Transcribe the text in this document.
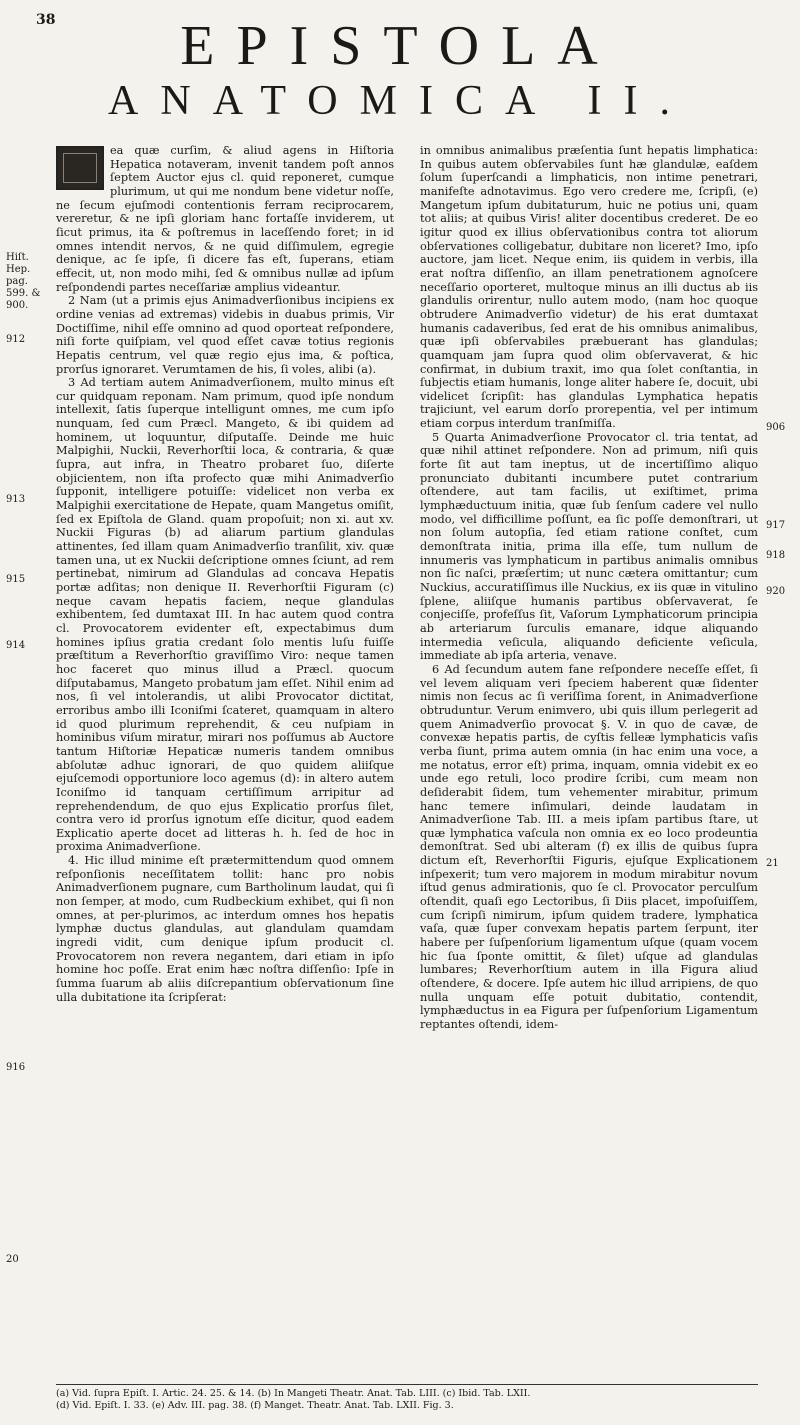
38	EPISTOLA
ANATOMICA II.

ea quæ curſim, & aliud agens in Hiſtoria Hepatica notaveram, invenit tandem poſt annos ſeptem Auctor ejus cl. quid reponeret, cumque plurimum, ut qui me nondum bene videtur noſſe, ne ſecum ejuſmodi contentionis ferram reciprocarem, vereretur, & ne ipſi gloriam hanc fortaſſe inviderem, ut ſicut primus, ita & poſtremus in laceſſendo foret; in id omnes intendit nervos, & ne quid diſſimulem, egregie denique, ac ſe ipſe, ſi dicere fas eſt, ſuperans, etiam effecit, ut, non modo mihi, ſed & omnibus nullæ ad ipſum reſpondendi partes neceſſariæ amplius videantur.

2 Nam (ut a primis ejus Animadverſionibus incipiens ex ordine venias ad extremas) videbis in duabus primis, Vir Doctiſſime, nihil eſſe omnino ad quod oporteat reſpondere, niſi forte quiſpiam, vel quod eſſet cavæ totius regionis Hepatis centrum, vel quæ regio ejus ima, & poſtica, prorſus ignoraret. Verumtamen de his, ſi voles, alibi (a).

3 Ad tertiam autem Animadverſionem, multo minus eſt cur quidquam reponam. Nam primum, quod ipſe nondum intellexit, ſatis ſuperque intelligunt omnes, me cum ipſo nunquam, ſed cum Præcl. Mangeto, & ibi quidem ad hominem, ut loquuntur, diſputaſſe. Deinde me huic Malpighii, Nuckii, Reverhorſtii loca, & contraria, & quæ ſupra, aut infra, in Theatro probaret ſuo, diſerte objicientem, non iſta profecto quæ mihi Animadverſio ſupponit, intelligere potuiſſe: videlicet non verba ex Malpighii exercitatione de Hepate, quam Mangetus omiſit, ſed ex Epiſtola de Gland. quam propoſuit; non xi. aut xv. Nuckii Figuras (b) ad aliarum partium glandulas attinentes, ſed illam quam Animadverſio tranſilit, xiv. quæ tamen una, ut ex Nuckii deſcriptione omnes ſciunt, ad rem pertinebat, nimirum ad Glandulas ad concava Hepatis portæ adſitas; non denique II. Reverhorſtii Figuram (c) neque cavam hepatis faciem, neque glandulas exhibentem, ſed dumtaxat III. In hac autem quod contra cl. Provocatorem evidenter eſt, expectabimus dum homines ipſius gratia credant ſolo mentis luſu fuiſſe præſtitum a Reverhorſtio graviſſimo Viro: neque tamen hoc faceret quo minus illud a Præcl. quocum diſputabamus, Mangeto probatum jam eſſet. Nihil enim ad nos, ſi vel intolerandis, ut alibi Provocator dictitat, erroribus ambo illi Iconiſmi ſcateret, quamquam in altero id quod plurimum reprehendit, & ceu nuſpiam in hominibus viſum miratur, mirari nos poſſumus ab Auctore tantum Hiſtoriæ Hepaticæ numeris tandem omnibus abſolutæ adhuc ignorari, de quo quidem aliiſque ejuſcemodi opportuniore loco agemus (d): in altero autem Iconiſmo id tanquam certiſſimum arripitur ad reprehendendum, de quo ejus Explicatio prorſus ſilet, contra vero id prorſus ignotum eſſe dicitur, quod eadem Explicatio aperte docet ad litteras h. h. ſed de hoc in proxima Animadverſione.

4. Hic illud minime eſt prætermittendum quod omnem reſponſionis neceſſitatem tollit: hanc pro nobis Animadverſionem pugnare, cum Bartholinum laudat, qui ſi non ſemper, at modo, cum Rudbeckium exhibet, qui ſi non omnes, at per-plurimos, ac interdum omnes hos hepatis lymphæ ductus glandulas, aut glandulam quamdam ingredi vidit, cum denique ipſum producit cl. Provocatorem non revera negantem, dari etiam in ipſo homine hoc poſſe. Erat enim hæc noſtra diſſenſio: Ipſe in ſumma ſuarum ab aliis diſcrepantium obſervationum ſine ulla dubitatione ita ſcripſerat:

in omnibus animalibus præſentia ſunt hepatis limphatica: In quibus autem obſervabiles ſunt hæ glandulæ, eaſdem ſolum ſuperſcandi a limphaticis, non intime penetrari, manifeſte adnotavimus. Ego vero credere me, ſcripſi, (e) Mangetum ipſum dubitaturum, huic ne potius uni, quam tot aliis; at quibus Viris! aliter docentibus crederet. De eo igitur quod ex illius obſervationibus contra tot aliorum obſervationes colligebatur, dubitare non liceret? Imo, ipſo auctore, jam licet. Neque enim, iis quidem in verbis, illa erat noſtra diſſenſio, an illam penetrationem agnoſcere neceſſario oporteret, multoque minus an illi ductus ab iis glandulis orirentur, nullo autem modo, (nam hoc quoque obtrudere Animadverſio videtur) de his erat dumtaxat humanis cadaveribus, ſed erat de his omnibus animalibus, quæ ipſi obſervabiles præbuerant has glandulas; quamquam jam ſupra quod olim obſervaverat, & hic confirmat, in dubium traxit, imo qua ſolet conſtantia, in ſubjectis etiam humanis, longe aliter habere ſe, docuit, ubi videlicet ſcripſit: has glandulas Lymphatica hepatis trajiciunt, vel earum dorſo prorepentia, vel per intimum etiam corpus interdum tranſmiſſa.

5 Quarta Animadverſione Provocator cl. tria tentat, ad quæ nihil attinet reſpondere. Non ad primum, niſi quis forte ſit aut tam ineptus, ut de incertiſſimo aliquo pronunciato dubitanti incumbere putet contrarium oſtendere, aut tam facilis, ut exiſtimet, prima lymphæductuum initia, quæ ſub ſenſum cadere vel nullo modo, vel difficillime poſſunt, ea ſic poſſe demonſtrari, ut non ſolum autopſia, ſed etiam ratione conſtet, cum demonſtrata initia, prima illa eſſe, tum nullum de innumeris vas lymphaticum in partibus animalis omnibus non ſic naſci, præſertim; ut nunc cætera omittantur; cum Nuckius, accuratiſſimus ille Nuckius, ex iis quæ in vitulino ſplene, aliiſque humanis partibus obſervaverat, ſe conjeciſſe, profeſſus ſit, Vaſorum Lymphaticorum principia ab arteriarum ſurculis emanare, idque aliquando intermedia veſicula, aliquando deficiente veſicula, immediate ab ipſa arteria, venave.

6 Ad ſecundum autem fane reſpondere neceſſe eſſet, ſi vel levem aliquam veri ſpeciem haberent quæ ſidenter nimis non ſecus ac ſi veriſſima ſorent, in Animadverſione obtruduntur. Verum enimvero, ubi quis illum perlegerit ad quem Animadverſio provocat §. V. in quo de cavæ, de convexæ hepatis partis, de cyſtis felleæ lymphaticis vaſis verba ſiunt, prima autem omnia (in hac enim una voce, a me notatus, error eſt) prima, inquam, omnia videbit ex eo unde ego retuli, loco prodire ſcribi, cum meam non deſiderabit ſidem, tum vehementer mirabitur, primum hanc temere inſimulari, deinde laudatam in Animadverſione Tab. III. a meis ipſam partibus ſtare, ut quæ lymphatica vaſcula non omnia ex eo loco prodeuntia demonſtrat. Sed ubi alteram (f) ex illis de quibus ſupra dictum eſt, Reverhorſtii Figuris, ejuſque Explicationem inſpexerit; tum vero majorem in modum mirabitur novum iſtud genus admirationis, quo ſe cl. Provocator perculſum oſtendit, quaſi ego Lectoribus, ſi Diis placet, impoſuiſſem, cum ſcripſi nimirum, ipſum quidem tradere, lymphatica vaſa, quæ ſuper convexam hepatis partem ſerpunt, iter habere per ſuſpenſorium ligamentum uſque (quam vocem hic ſua ſponte omittit, & ſilet) uſque ad glandulas lumbares; Reverhorſtium autem in illa Figura aliud oſtendere, & docere. Ipſe autem hic illud arripiens, de quo nulla unquam eſſe potuit dubitatio, contendit, lymphæductus in ea Figura per ſuſpenſorium Ligamentum reptantes oſtendi, idem-

Hiſt. Hep. pag. 599. & 900.
912
913
915
914
916
20
906
917
918
920
21
(a) Vid. ſupra Epiſt. I. Artic. 24. 25. & 14. (b) In Mangeti Theatr. Anat. Tab. LIII. (c) Ibid. Tab. LXII.
(d) Vid. Epiſt. I. 33. (e) Adv. III. pag. 38. (f) Manget. Theatr. Anat. Tab. LXII. Fig. 3.
